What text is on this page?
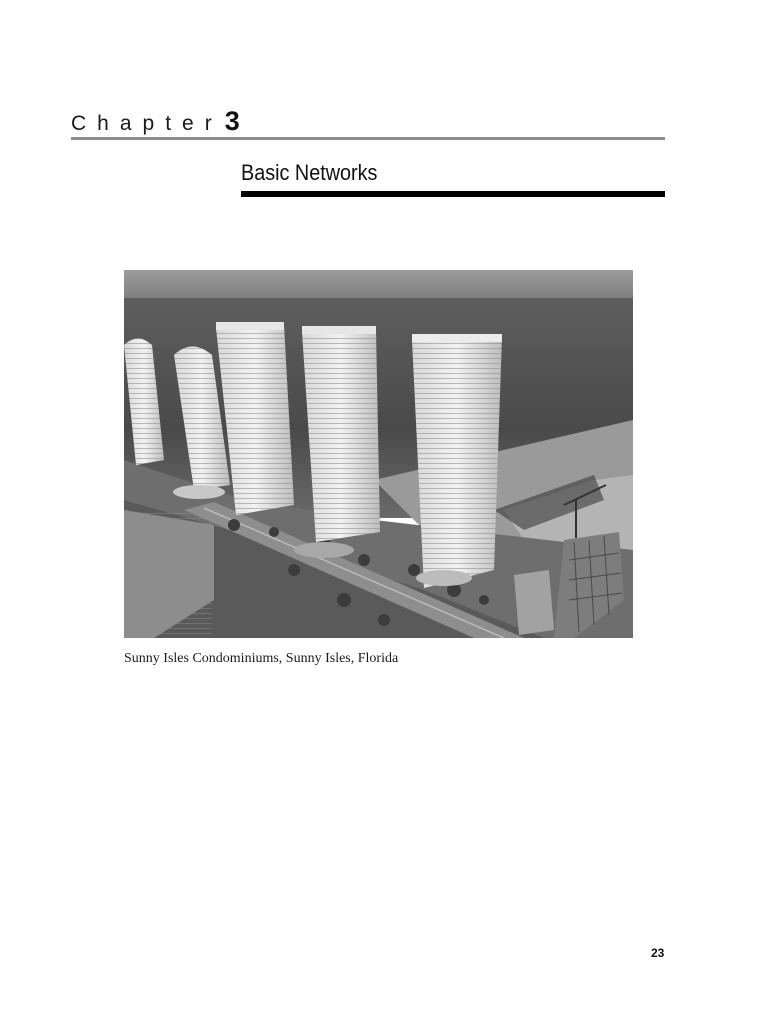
Chapter 3
Basic Networks
Sunny Isles Condominiums, Sunny Isles, Florida
23
